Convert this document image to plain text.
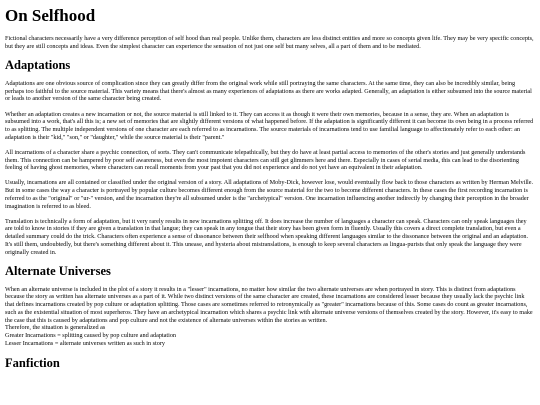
On Selfhood

Fictional characters necessarily have a very difference perception of self hood than real people. Unlike them, characters are less distinct entities and more so concepts given life. They may be very specific concepts, but they are still concepts and ideas. Even the simplest character can experience the sensation of not just one self but many selves, all a part of them and to be mediated.

Adaptations

Adaptations are one obvious source of complication since they can greatly differ from the original work while still portraying the same characters. At the same time, they can also be incredibly similar, being perhaps too faithful to the source material. This variety means that there's almost as many experiences of adaptations as there are works adapted. Generally, an adaptation is either subsumed into the source material or leads to another version of the same character being created.

Whether an adaptation creates a new incarnation or not, the source material is still linked to it. They can access it as though it were their own memories, because in a sense, they are. When an adaptation is subsumed into a work, that's all this is; a new set of memories that are slightly different versions of what happened before. If the adaptation is significantly different it can become its own being in a process referred to as splitting. The multiple independent versions of one character are each referred to as incarnations. The source materials of incarnations tend to use familial language to affectionately refer to each other: an adaptation is their "kid," "son," or "daughter," while the source material is their "parent."

All incarnations of a character share a psychic connection, of sorts. They can't communicate telepathically, but they do have at least partial access to memories of the other's stories and just generally understands them. This connection can be hampered by poor self awareness, but even the most impotent characters can still get glimmers here and there. Especially in cases of serial media, this can lead to the disorienting feeling of having ghost memories, where characters can recall moments from your past that you did not experience and do not yet have an equivalent in their adaptation.

Usually, incarnations are all contained or classified under the original version of a story. All adaptations of Moby-Dick, however lose, would eventually flow back to those characters as written by Herman Melville. But in some cases the way a character is portrayed by popular culture becomes different enough from the source material for the two to become different characters. In these cases the first recording incarnation is referred to as the "original" or "ur-" version, and the incarnation they're all subsumed under is the "archetypical" version. One incarnation influencing another indirectly by changing their perception in the broader imagination is referred to as bleed.

Translation is technically a form of adaptation, but it very rarely results in new incarnations splitting off. It does increase the number of languages a character can speak. Characters can only speak languages they are told to know in stories if they are given a translation in that langue; they can speak in any tongue that their story has been given form in fluently. Usually this covers a direct complete translation, but even a detailed summary could do the trick. Characters often experience a sense of dissonance between their selfhood when speaking different languages similar to the dissonance between the original and an adaptation. It's still them, undoubtedly, but there's something different about it. This unease, and hysteria about mistranslations, is enough to keep several characters as lingua-purists that only speak the language they were originally created in.

Alternate Universes

When an alternate universe is included in the plot of a story it results in a "lesser" incarnations, no matter how similar the two alternate universes are when portrayed in story. This is distinct from adaptations because the story as written has alternate universes as a part of it. While two distinct versions of the same character are created, these incarnations are considered lesser because they usually lack the psychic link that defines incarnations created by pop culture or adaptation splitting. Those cases are sometimes referred to retronymically as "greater" incarnations because of this. Some cases do count as greater incarnations, such as the existential situation of most superheros. They have an archetypical incarnation which shares a psychic link with alternate universe versions of themselves created by the story. However, it's easy to make the case that this is caused by adaptations and pop culture and not the existence of alternate universes within the stories as written.

Therefore, the situation is generalized as

Greater Incarnations = splitting caused by pop culture and adaptation

Lesser Incarnations = alternate universes written as such in story

Fanfiction
